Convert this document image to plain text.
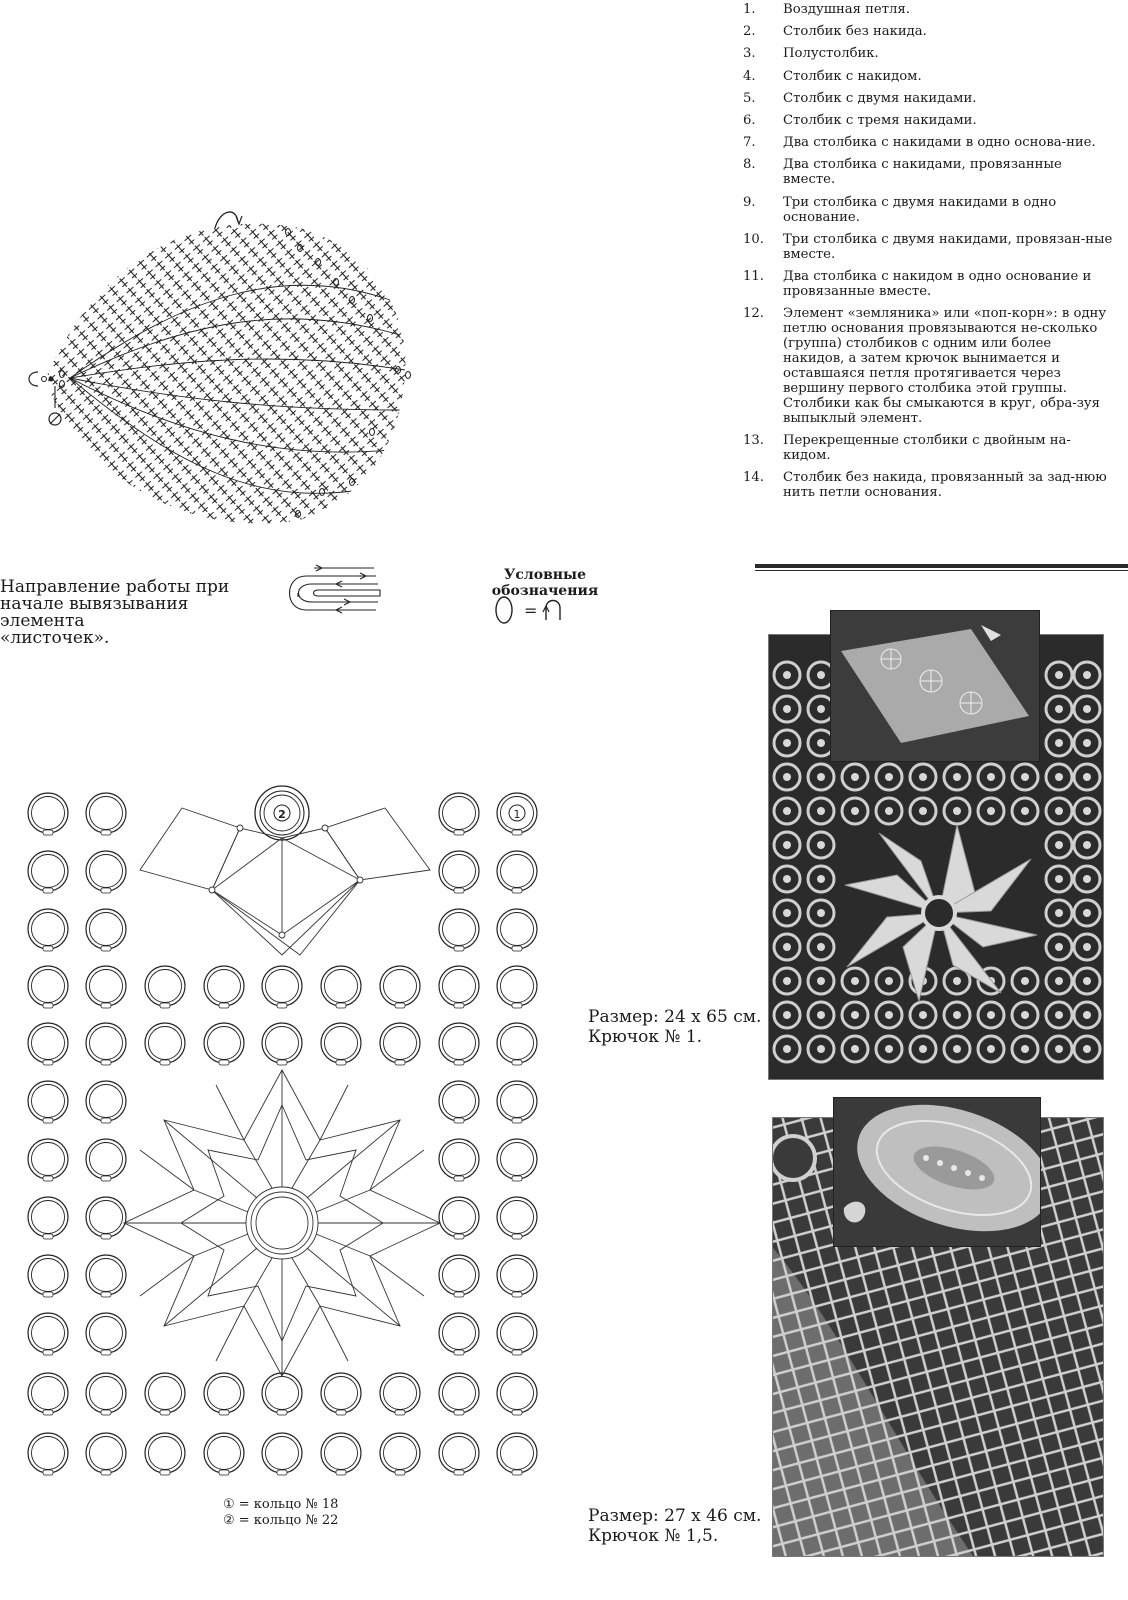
1.	Воздушная петля.
2.	Столбик без накида.
3.	Полустолбик.
4.	Столбик с накидом.
5.	Столбик с двумя накидами.
6.	Столбик с тремя накидами.
7.	Два столбика с накидами в одно основа-ние.
8.	Два столбика с накидами, провязанные вместе.
9.	Три столбика с двумя накидами в одно основание.
10.	Три столбика с двумя накидами, провязан-ные вместе.
11.	Два столбика с накидом в одно основание и провязанные вместе.
12.	Элемент «земляника» или «поп-корн»: в одну петлю основания провязываются не-сколько (группа) столбиков с одним или более накидов, а затем крючок вынимается и оставшаяся петля протягивается через вершину первого столбика этой группы. Столбики как бы смыкаются в круг, обра-зуя выпыклый элемент.
13.	Перекрещенные столбики с двойным на-кидом.
14.	Столбик без накида, провязанный за зад-нюю нить петли основания.
Направление работы при
начале вывязывания элемента
«листочек».
Условные обозначения
=
2	1
① = кольцо № 18
② = кольцо № 22
Размер: 24 х 65 см.
Крючок № 1.
Размер: 27 х 46 см.
Крючок № 1,5.
